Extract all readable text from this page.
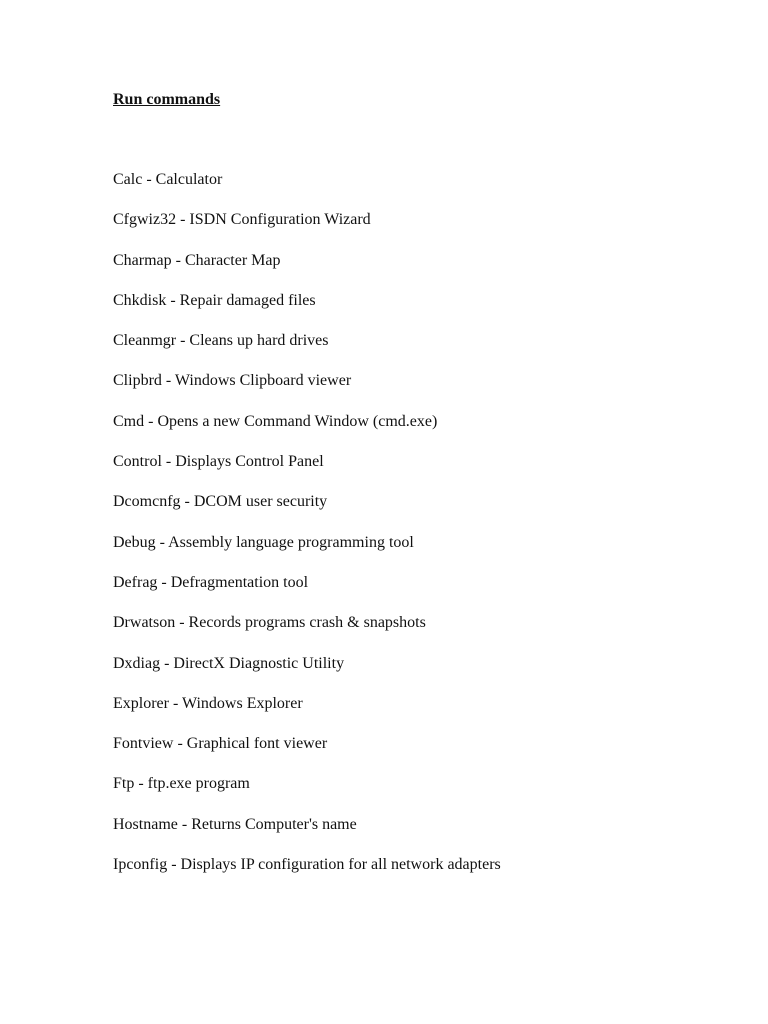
Run commands
Calc - Calculator
Cfgwiz32 - ISDN Configuration Wizard
Charmap - Character Map
Chkdisk - Repair damaged files
Cleanmgr - Cleans up hard drives
Clipbrd - Windows Clipboard viewer
Cmd - Opens a new Command Window (cmd.exe)
Control - Displays Control Panel
Dcomcnfg - DCOM user security
Debug - Assembly language programming tool
Defrag - Defragmentation tool
Drwatson - Records programs crash & snapshots
Dxdiag - DirectX Diagnostic Utility
Explorer - Windows Explorer
Fontview - Graphical font viewer
Ftp - ftp.exe program
Hostname - Returns Computer's name
Ipconfig - Displays IP configuration for all network adapters
